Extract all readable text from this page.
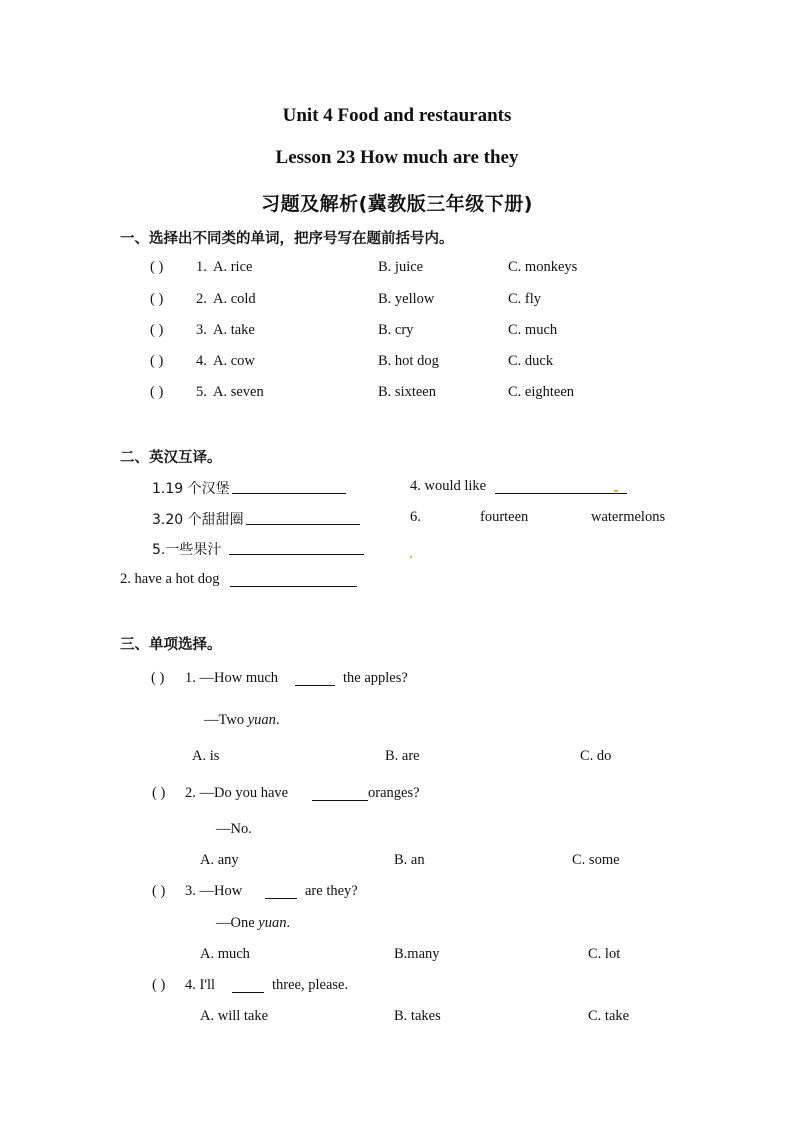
Unit 4 Food and restaurants
Lesson 23 How much are they
习题及解析(冀教版三年级下册)
一、选择出不同类的单词，把序号写在题前括号内。
( ) 1. A. rice	B. juice	C. monkeys
( ) 2. A. cold	B. yellow	C. fly
( ) 3. A. take	B. cry	C. much
( ) 4. A. cow	B. hot dog	C. duck
( ) 5. A. seven	B. sixteen	C. eighteen
二、英汉互译。
1.19 个汉堡	4. would like
3.20 个甜甜圈	6.	fourteen	watermelons
5.一些果汁
2. have a hot dog
三、单项选择。
( ) 1. —How much	the apples?
—Two yuan.
A. is	B. are	C. do
( ) 2. —Do you have	oranges?
—No.
A. any	B. an	C. some
( ) 3. —How	are they?
—One yuan.
A. much	B.many	C. lot
( ) 4. I'll	three, please.
A. will take	B. takes	C. take
